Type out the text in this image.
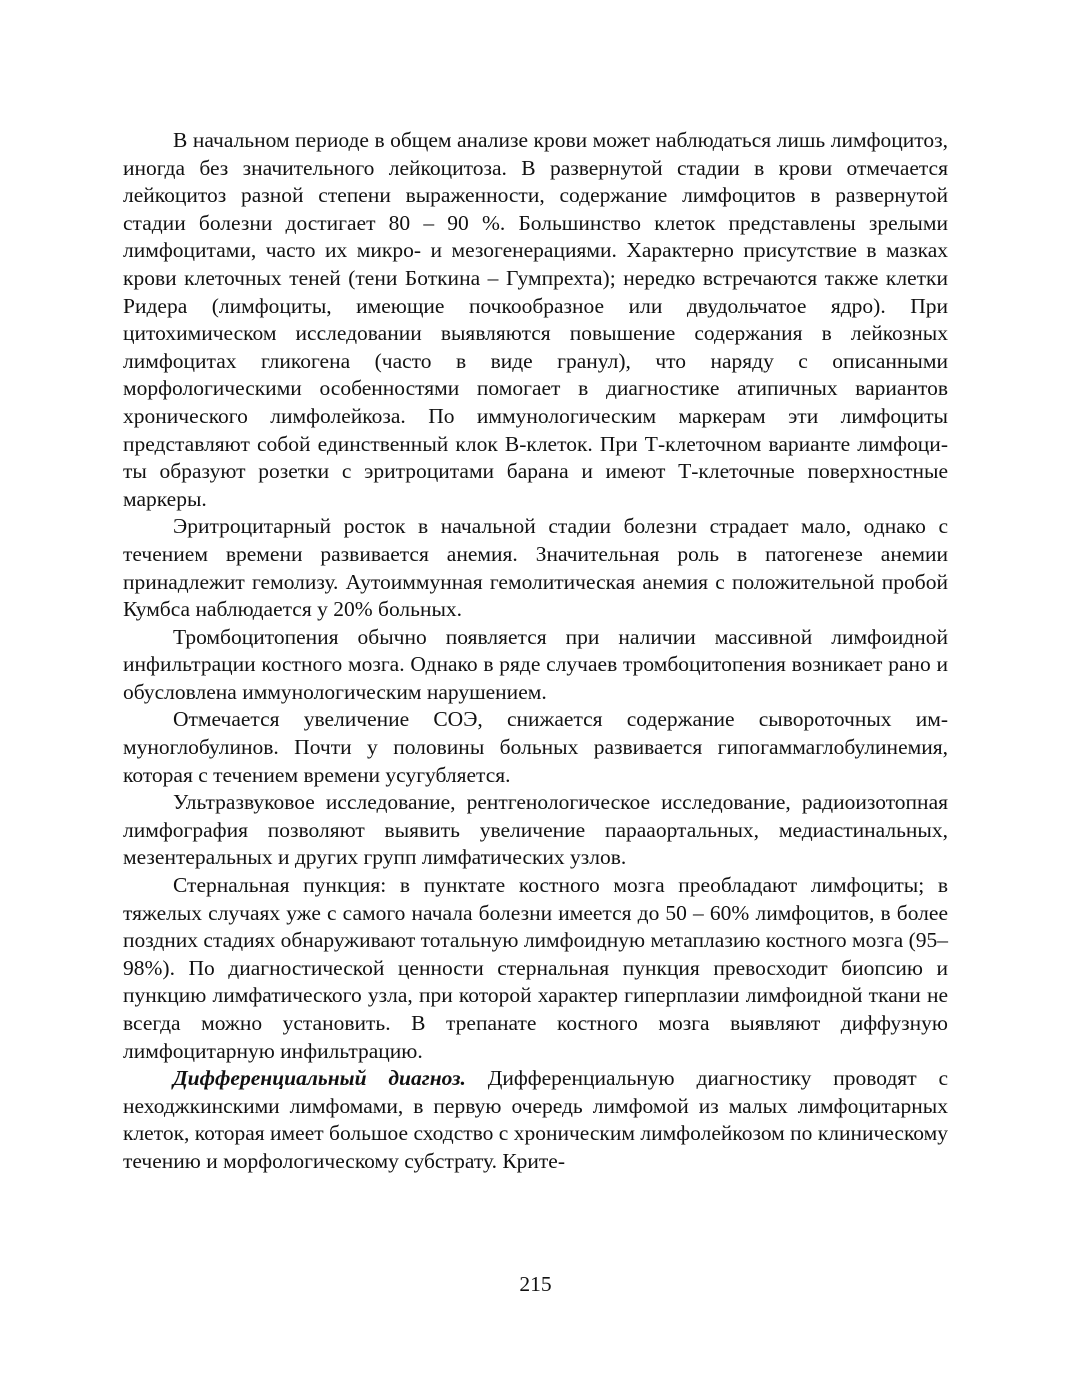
В начальном периоде в общем анализе крови может наблюдаться лишь лимфоцитоз, иногда без значительного лейкоцитоза. В развернутой стадии в крови отмечается лейкоцитоз разной степени выраженности, содержание лимфоцитов в развернутой стадии болезни достигает 80 – 90 %. Большинство клеток представлены зрелыми лимфоцитами, часто их микро- и мезогенерациями. Характерно присутствие в мазках крови клеточных теней (тени Боткина – Гумпрехта); нередко встречаются также клетки Ридера (лимфоциты, имеющие почкообразное или двудольчатое ядро). При цитохимическом исследовании выявляются повышение содержания в лейкозных лимфоцитах гликогена (часто в виде гранул), что наряду с описанными морфологическими особенностями помогает в диагностике атипичных вариантов хронического лимфолейкоза. По иммунологическим маркерам эти лимфоциты представляют собой единственный клок В-клеток. При Т-клеточном варианте лимфоциты образуют розетки с эритроцитами барана и имеют Т-клеточные поверхностные маркеры.

Эритроцитарный росток в начальной стадии болезни страдает мало, однако с течением времени развивается анемия. Значительная роль в патогенезе анемии принадлежит гемолизу. Аутоиммунная гемолитическая анемия с положительной пробой Кумбса наблюдается у 20% больных.

Тромбоцитопения обычно появляется при наличии массивной лимфоидной инфильтрации костного мозга. Однако в ряде случаев тромбоцитопения возникает рано и обусловлена иммунологическим нарушением.

Отмечается увеличение СОЭ, снижается содержание сывороточных иммуноглобулинов. Почти у половины больных развивается гипогаммаглобулинемия, которая с течением времени усугубляется.

Ультразвуковое исследование, рентгенологическое исследование, радиоизотопная лимфография позволяют выявить увеличение парааортальных, медиастинальных, мезентеральных и других групп лимфатических узлов.

Стернальная пункция: в пунктате костного мозга преобладают лимфоциты; в тяжелых случаях уже с самого начала болезни имеется до 50 – 60% лимфоцитов, в более поздних стадиях обнаруживают тотальную лимфоидную метаплазию костного мозга (95–98%). По диагностической ценности стернальная пункция превосходит биопсию и пункцию лимфатического узла, при которой характер гиперплазии лимфоидной ткани не всегда можно установить. В трепанате костного мозга выявляют диффузную лимфоцитарную инфильтрацию.

Дифференциальный диагноз. Дифференциальную диагностику проводят с неходжкинскими лимфомами, в первую очередь лимфомой из малых лимфоцитарных клеток, которая имеет большое сходство с хроническим лимфолейкозом по клиническому течению и морфологическому субстрату. Крите-

215
